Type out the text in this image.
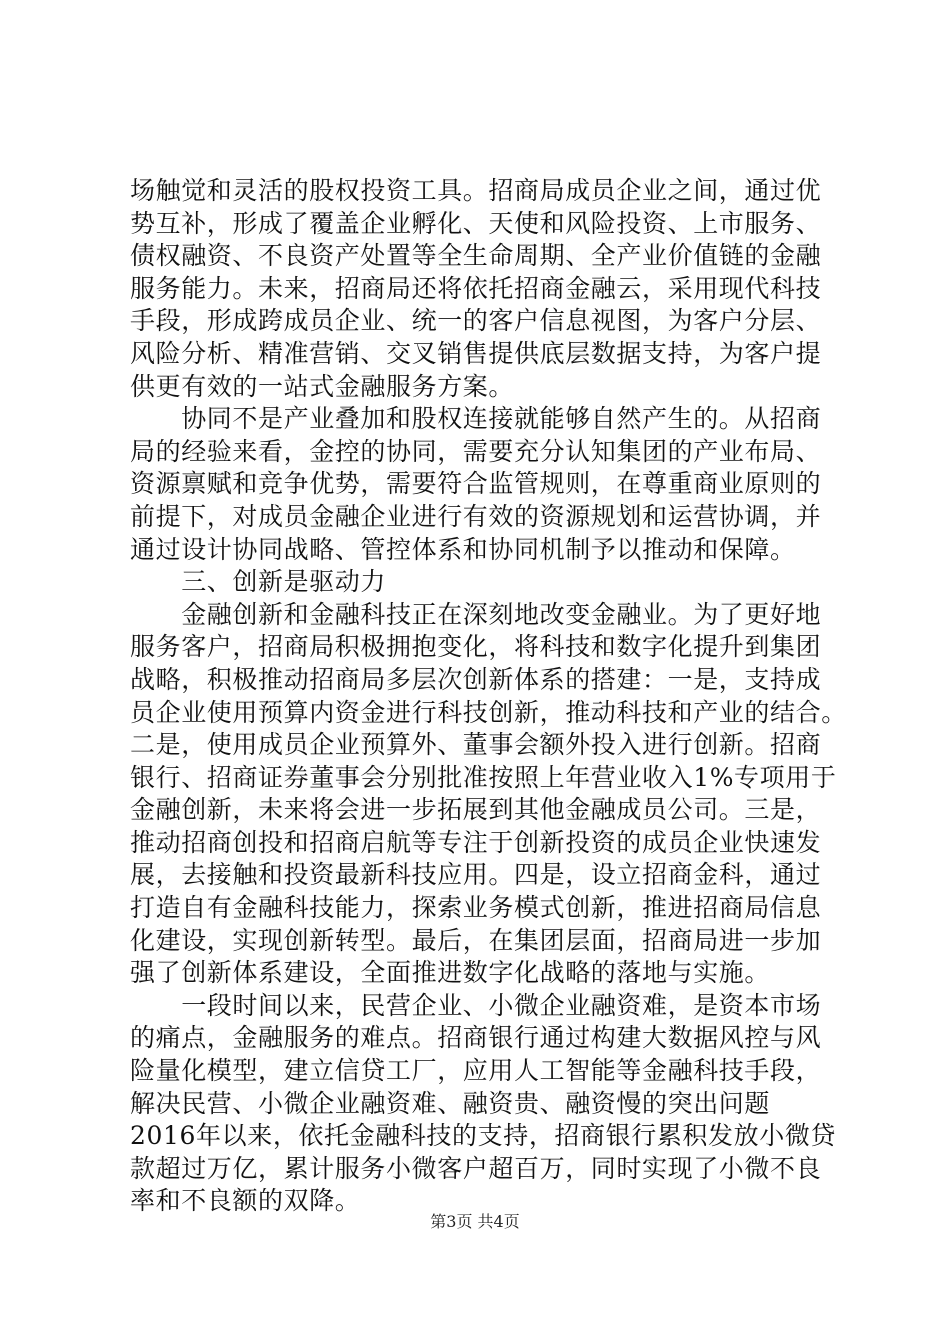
场触觉和灵活的股权投资工具。招商局成员企业之间，通过优
势互补，形成了覆盖企业孵化、天使和风险投资、上市服务、
债权融资、不良资产处置等全生命周期、全产业价值链的金融
服务能力。未来，招商局还将依托招商金融云，采用现代科技
手段，形成跨成员企业、统一的客户信息视图，为客户分层、
风险分析、精准营销、交叉销售提供底层数据支持，为客户提
供更有效的一站式金融服务方案。
　　协同不是产业叠加和股权连接就能够自然产生的。从招商
局的经验来看，金控的协同，需要充分认知集团的产业布局、
资源禀赋和竞争优势，需要符合监管规则，在尊重商业原则的
前提下，对成员金融企业进行有效的资源规划和运营协调，并
通过设计协同战略、管控体系和协同机制予以推动和保障。
　　三、创新是驱动力
　　金融创新和金融科技正在深刻地改变金融业。为了更好地
服务客户，招商局积极拥抱变化，将科技和数字化提升到集团
战略，积极推动招商局多层次创新体系的搭建：一是，支持成
员企业使用预算内资金进行科技创新，推动科技和产业的结合。
二是，使用成员企业预算外、董事会额外投入进行创新。招商
银行、招商证券董事会分别批准按照上年营业收入1%专项用于
金融创新，未来将会进一步拓展到其他金融成员公司。三是，
推动招商创投和招商启航等专注于创新投资的成员企业快速发
展，去接触和投资最新科技应用。四是，设立招商金科，通过
打造自有金融科技能力，探索业务模式创新，推进招商局信息
化建设，实现创新转型。最后，在集团层面，招商局进一步加
强了创新体系建设，全面推进数字化战略的落地与实施。
　　一段时间以来，民营企业、小微企业融资难，是资本市场
的痛点，金融服务的难点。招商银行通过构建大数据风控与风
险量化模型，建立信贷工厂，应用人工智能等金融科技手段，
解决民营、小微企业融资难、融资贵、融资慢的突出问题
2016年以来，依托金融科技的支持，招商银行累积发放小微贷
款超过万亿，累计服务小微客户超百万，同时实现了小微不良
率和不良额的双降。
第3页 共4页
